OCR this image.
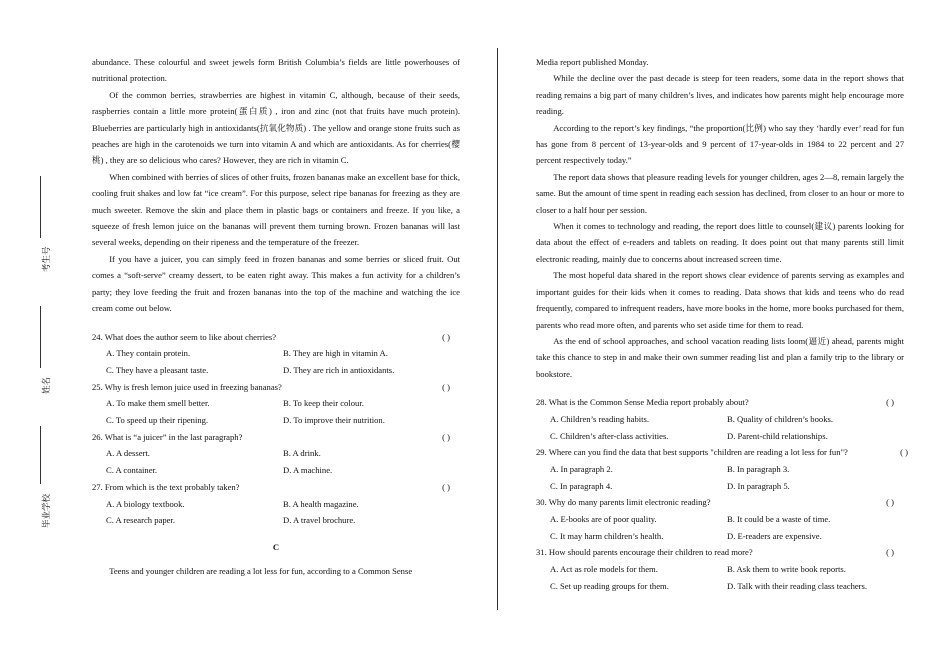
考生号
姓名
毕业学校

abundance. These colourful and sweet jewels form British Columbia’s fields are little powerhouses of nutritional protection.

Of the common berries, strawberries are highest in vitamin C, although, because of their seeds, raspberries contain a little more protein(蛋白质) , iron and zinc (not that fruits have much protein). Blueberries are particularly high in antioxidants(抗氧化物质) . The yellow and orange stone fruits such as peaches are high in the carotenoids we turn into vitamin A and which are antioxidants. As for cherries(樱桃) , they are so delicious who cares? However, they are rich in vitamin C.

When combined with berries of slices of other fruits, frozen bananas make an excellent base for thick, cooling fruit shakes and low fat “ice cream”. For this purpose, select ripe bananas for freezing as they are much sweeter. Remove the skin and place them in plastic bags or containers and freeze. If you like, a squeeze of fresh lemon juice on the bananas will prevent them turning brown. Frozen bananas will last several weeks, depending on their ripeness and the temperature of the freezer.

If you have a juicer, you can simply feed in frozen bananas and some berries or sliced fruit. Out comes a “soft-serve” creamy dessert, to be eaten right away. This makes a fun activity for a children’s party; they love feeding the fruit and frozen bananas into the top of the machine and watching the ice cream come out below.

24. What does the author seem to like about cherries?	( )
A. They contain protein.	B. They are high in vitamin A.
C. They have a pleasant taste.	D. They are rich in antioxidants.
25. Why is fresh lemon juice used in freezing bananas?	( )
A. To make them smell better.	B. To keep their colour.
C. To speed up their ripening.	D. To improve their nutrition.
26. What is “a juicer” in the last paragraph?	( )
A. A dessert.	B. A drink.
C. A container.	D. A machine.
27. From which is the text probably taken?	( )
A. A biology textbook.	B. A health magazine.
C. A research paper.	D. A travel brochure.
C

Teens and younger children are reading a lot less for fun, according to a Common Sense

Media report published Monday.

While the decline over the past decade is steep for teen readers, some data in the report shows that reading remains a big part of many children’s lives, and indicates how parents might help encourage more reading.

According to the report’s key findings, “the proportion(比例) who say they ‘hardly ever’ read for fun has gone from 8 percent of 13-year-olds and 9 percent of 17-year-olds in 1984 to 22 percent and 27 percent respectively today.”

The report data shows that pleasure reading levels for younger children, ages 2—8, remain largely the same. But the amount of time spent in reading each session has declined, from closer to an hour or more to closer to a half hour per session.

When it comes to technology and reading, the report does little to counsel(建议) parents looking for data about the effect of e-readers and tablets on reading. It does point out that many parents still limit electronic reading, mainly due to concerns about increased screen time.

The most hopeful data shared in the report shows clear evidence of parents serving as examples and important guides for their kids when it comes to reading. Data shows that kids and teens who do read frequently, compared to infrequent readers, have more books in the home, more books purchased for them, parents who read more often, and parents who set aside time for them to read.

As the end of school approaches, and school vacation reading lists loom(逼近) ahead, parents might take this chance to step in and make their own summer reading list and plan a family trip to the library or bookstore.

28. What is the Common Sense Media report probably about?	( )
A. Children’s reading habits.	B. Quality of children’s books.
C. Children’s after-class activities.	D. Parent-child relationships.
29. Where can you find the data that best supports "children are reading a lot less for fun"?	( )
A. In paragraph 2.	B. In paragraph 3.
C. In paragraph 4.	D. In paragraph 5.
30. Why do many parents limit electronic reading?	( )
A. E-books are of poor quality.	B. It could be a waste of time.
C. It may harm children’s health.	D. E-readers are expensive.
31. How should parents encourage their children to read more?	( )
A. Act as role models for them.	B. Ask them to write book reports.
C. Set up reading groups for them.	D. Talk with their reading class teachers.
